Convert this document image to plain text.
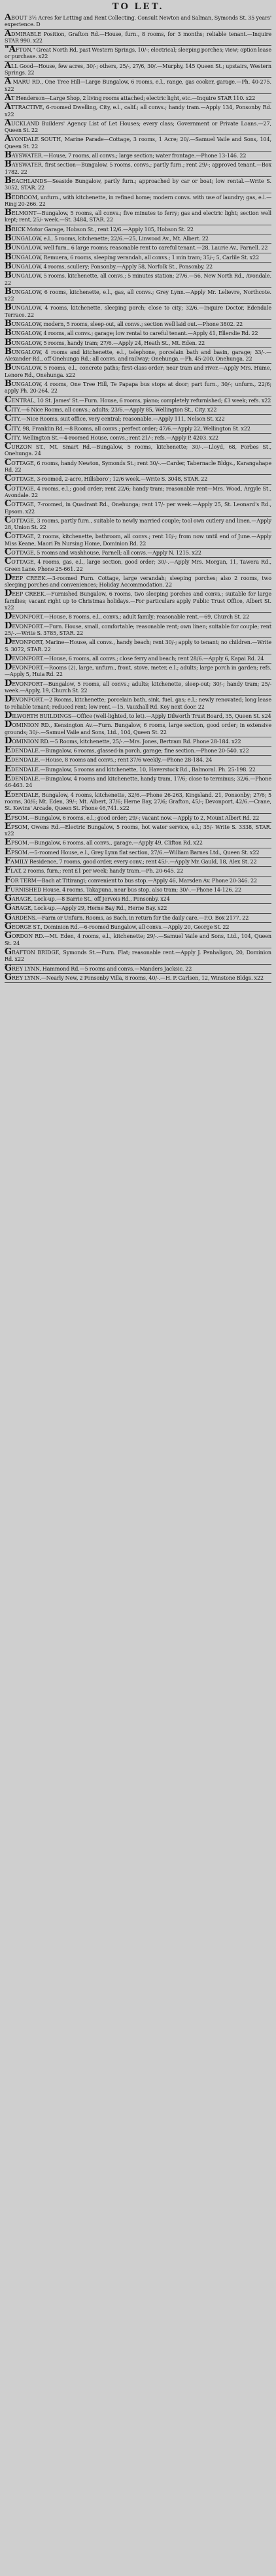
TO LET.
ABOUT 3½ Acres for Letting and Rent Collecting. Consult Newton and Salman, Symonds St. 35 years' experience. D
ADMIRABLE Position, Grafton Rd.—House, furn., 8 rooms, for 3 months; reliable tenant.—Inquire STAR 990. x22
"AFTON," Great North Rd, past Western Springs, 10/-; electrical; sleeping porches; view; option lease or purchase. x22
ALL Good—House, few acres, 30/-; others, 25/-, 27/6, 30/.—Murphy, 145 Queen St.; upstairs, Western Springs. 22
A MARU RD., One Tree Hill—Large Bungalow, 6 rooms, e.l., range, gas cooker, garage.—Ph. 40-275. x22
AT Henderson—Large Shop, 2 living rooms attached; electric light, etc.—Inquire STAR 110. x22
ATTRACTIVE, 6-roomed Dwelling, City, e.l., calif.; all convs.; handy tram.—Apply 134, Ponsonby Rd. x22
AUCKLAND Builders' Agency List of Let Houses; every class; Government or Private Loans.—27, Queen St. 22
AVONDALE SOUTH, Marine Parade—Cottage, 3 rooms, 1 Acre; 20/.—Samuel Vaile and Sons, 104, Queen St. 22
BAYSWATER.—House, 7 rooms, all convs.; large section; water frontage.—Phone 13-146. 22
BAYSWATER, first section—Bungalow, 5 rooms, convs.; partly furn.; rent 29/-; approved tenant.—Box 1782. 22
BEACHLANDS—Seaside Bungalow, partly furn.; approached by car or boat; low rental.—Write S. 3052, STAR. 22
BEDROOM, unfurn., with kitchenette, in refined home; modern convs. with use of laundry; gas, e.l.—Ring 20-266. 22
BELMONT—Bungalow, 5 rooms, all convs.; five minutes to ferry; gas and electric light; section well kept; rent, 25/- week.—St. 3484, STAR. 22
BRICK Motor Garage, Hobson St., rent 12/6.—Apply 105, Hobson St. 22
BUNGALOW, e.l., 5 rooms, kitchenette; 22/6.—25, Linwood Av., Mt. Albert. 22
BUNGALOW, well furn., 6 large rooms; reasonable rent to careful tenant.—28, Laurie Av., Parnell. 22
BUNGALOW, Remuera, 6 rooms, sleeping verandah, all convs.; 1 min tram; 35/-; 5, Carlile St. x22
BUNGALOW, 4 rooms, scullery; Ponsonby.—Apply 58, Norfolk St., Ponsonby. 22
BUNGALOW, 5 rooms, kitchenette, all convs.; 5 minutes station; 27/6.—56, New North Rd., Avondale. 22
BUNGALOW, 6 rooms, kitchenette, e.l., gas, all convs.; Grey Lynn.—Apply Mr. Lelievre, Northcote. x22
BUNGALOW, 4 rooms, kitchenette, sleeping porch; close to city; 32/6.—Inquire Doctor, Edendale Terrace. 22
BUNGALOW, modern, 5 rooms, sleep-out, all convs.; section well laid out.—Phone 3802. 22
BUNGALOW, 4 rooms, all convs.; garage; low rental to careful tenant.—Apply 41, Ellerslie Rd. 22
BUNGALOW, 5 rooms, handy tram; 27/6.—Apply 24, Heath St., Mt. Eden. 22
BUNGALOW, 4 rooms and kitchenette, e.l., telephone, porcelain bath and basin, garage; 33/-.—Alexander Rd., off Onehunga Rd.; all convs. and railway; Onehunga.—Ph. 45-200, Onehunga. 22
BUNGALOW, 5 rooms, e.l., concrete paths; first-class order; near tram and river.—Apply Mrs. Hume, Lenore Rd., Onehunga. x22
BUNGALOW, 4 rooms, One Tree Hill, Te Papapa bus stops at door; part furn., 30/-; unfurn., 22/6; apply Ph. 20-264. 22
CENTRAL, 10 St. James' St.—Furn. House, 6 rooms, piano; completely refurnished; £3 week; refs. x22
CITY.—6 Nice Rooms, all convs.; adults; 23/6.—Apply 85, Wellington St., City. x22
CITY.—Nice Rooms, suit office, very central; reasonable.—Apply 111, Nelson St. x22
CITY, 98, Franklin Rd.—8 Rooms, all convs.; perfect order; 47/6.—Apply 22, Wellington St. x22
CITY, Wellington St.—4-roomed House, convs.; rent 21/-; refs.—Apply P. 4203. x22
CURZON ST., Mt. Smart Rd.—Bungalow, 5 rooms, kitchenette; 30/-.—Lloyd, 68, Forbes St., Onehunga. 24
COTTAGE, 6 rooms, handy Newton, Symonds St.; rent 30/-.—Carder, Tabernacle Bldgs., Karangahape Rd. 22
COTTAGE, 3-roomed, 2-acre, Hillsboro'; 12/6 week.—Write S. 3048, STAR. 22
COTTAGE, 4 rooms, e.l.; good order; rent 22/6; handy tram; reasonable rent—Mrs. Wood, Argyle St., Avondale. 22
COTTAGE, 7-roomed, in Quadrant Rd., Onehunga; rent 17/- per week.—Apply 25, St. Leonard's Rd., Epsom. x22
COTTAGE, 3 rooms, partly furn., suitable to newly married couple; tool own cutlery and linen.—Apply 28, Union St. 22
COTTAGE, 2 rooms, kitchenette, bathroom, all convs.; rent 10/-; from now until end of June.—Apply Miss Keane, Maori Pa Nursing Home, Dominion Rd. 22
COTTAGE, 5 rooms and washhouse, Parnell; all convs.—Apply N. 1215. x22
COTTAGE, 4 rooms, gas, e.l., large section, good order; 30/-.—Apply Mrs. Morgan, 11, Tawera Rd., Green Lane. Phone 25-661. 22
DEEP CREEK.—3-roomed Furn. Cottage, large verandah; sleeping porches; also 2 rooms, two sleeping porches and conveniences; Holiday Accommodation. 22
DEEP CREEK.—Furnished Bungalow, 6 rooms, two sleeping porches and convs.; suitable for large families; vacant right up to Christmas holidays.—For particulars apply Public Trust Office, Albert St. x22
DEVONPORT.—House, 8 rooms, e.l., convs.; adult family; reasonable rent.—69, Church St. 22
DEVONPORT.—Furn. House, small, comfortable; reasonable rent; own linen; suitable for couple; rent 25/-.—Write S. 3785, STAR. 22
DEVONPORT, Marine—House, all convs., handy beach; rent 30/-; apply to tenant; no children.—Write S. 3072, STAR. 22
DEVONPORT.—House, 6 rooms, all convs.; close ferry and beach; rent 28/6.—Apply 6, Kapai Rd. 24
DEVONPORT.—Rooms (2), large, unfurn., front, stove, meter, e.l.; adults; large porch in garden; refs.—Apply 5, Huia Rd. 22
DEVONPORT—Bungalow, 5 rooms, all convs.; adults; kitchenette, sleep-out; 30/-; handy tram; 25/- week.—Apply, 19, Church St. 22
DEVONPORT.—2 Rooms, kitchenette; porcelain bath, sink, fuel, gas; e.l.; newly renovated; long lease to reliable tenant; reduced rent; low rent.—15, Vauxhall Rd. Key next door. 22
DILWORTH BUILDINGS—Office (well-lighted, to let).—Apply Dilworth Trust Board, 35, Queen St. x24
DOMINION RD., Kensington Av.—Furn. Bungalow, 6 rooms, large section, good order; in extensive grounds; 30/-.—Samuel Vaile and Sons, Ltd., 104, Queen St. 22
DOMINION RD.—5 Rooms, kitchenette, 25/-.—Mrs. Jones, Bertram Rd. Phone 28-184. x22
EDENDALE.—Bungalow, 6 rooms, glassed-in porch, garage; fine section.—Phone 20-540. x22
EDENDALE.—House, 8 rooms and convs.; rent 37/6 weekly.—Phone 28-184. 24
EDENDALE.—Bungalow, 5 rooms and kitchenette, 10, Haverstock Rd., Balmoral. Ph. 25-198. 22
EDENDALE.—Bungalow, 4 rooms and kitchenette, handy tram, 17/6; close to terminus; 32/6.—Phone 46-463. 24
EDENDALE, Bungalow, 4 rooms, kitchenette, 32/6.—Phone 26-263, Kingsland. 21, Ponsonby; 27/6; 5 rooms, 30/6; Mt. Eden, 39/-; Mt. Albert, 37/6; Herne Bay, 27/6; Grafton, 45/-; Devonport, 42/6.—Crane, St. Kevins' Arcade, Queen St. Phone 46,741. x22
EPSOM.—Bungalow, 6 rooms, e.l.; good order; 29/-; vacant now.—Apply to 2, Mount Albert Rd. 22
EPSOM, Owens Rd.—Electric Bungalow, 5 rooms, hot water service, e.l.; 35/- Write S. 3338, STAR. x22
EPSOM.—Bungalow, 6 rooms, all convs., garage.—Apply 49, Clifton Rd. x22
EPSOM.—5-roomed House, e.l., Grey Lynn flat section, 27/6.—William Barnes Ltd., Queen St. x22
FAMILY Residence, 7 rooms, good order, every conv.; rent 45/-.—Apply Mr. Gauld, 18, Alex St. 22
FLAT, 2 rooms, furn.; rent £1 per week; handy tram.—Ph. 20-645. 22
FOR TERM—Bach at Titirangi; convenient to bus stop.—Apply 46, Marsden Av. Phone 20-346. 22
FURNISHED House, 4 rooms, Takapuna, near bus stop, also tram; 30/-.—Phone 14-126. 22
GARAGE, Lock-up.—8 Barrie St., off Jervois Rd., Ponsonby. x24
GARAGE, Lock-up.—Apply 29, Herne Bay Rd., Herne Bay. x22
GARDENS.—Farm or Unfurn. Rooms, as Bach, in return for the daily care.—P.O. Box 2177. 22
GEORGE ST., Dominion Rd.—6-roomed Bungalow, all convs.—Apply 20, George St. 22
GORDON RD.—Mt. Eden, 4 rooms, e.l., kitchenette; 29/-.—Samuel Vaile and Sons, Ltd., 104, Queen St. 24
GRAFTON BRIDGE, Symonds St.—Furn. Flat; reasonable rent.—Apply J. Penhaligon, 20, Dominion Rd. x22
GREY LYNN, Hammond Rd.—5 rooms and convs.—Manders Jacksic. 22
GREY LYNN.—Nearly New, 2 Ponsonby Villa, 8 rooms, 40/-.—H. P. Carlsen, 12, Winstone Bldgs. x22
